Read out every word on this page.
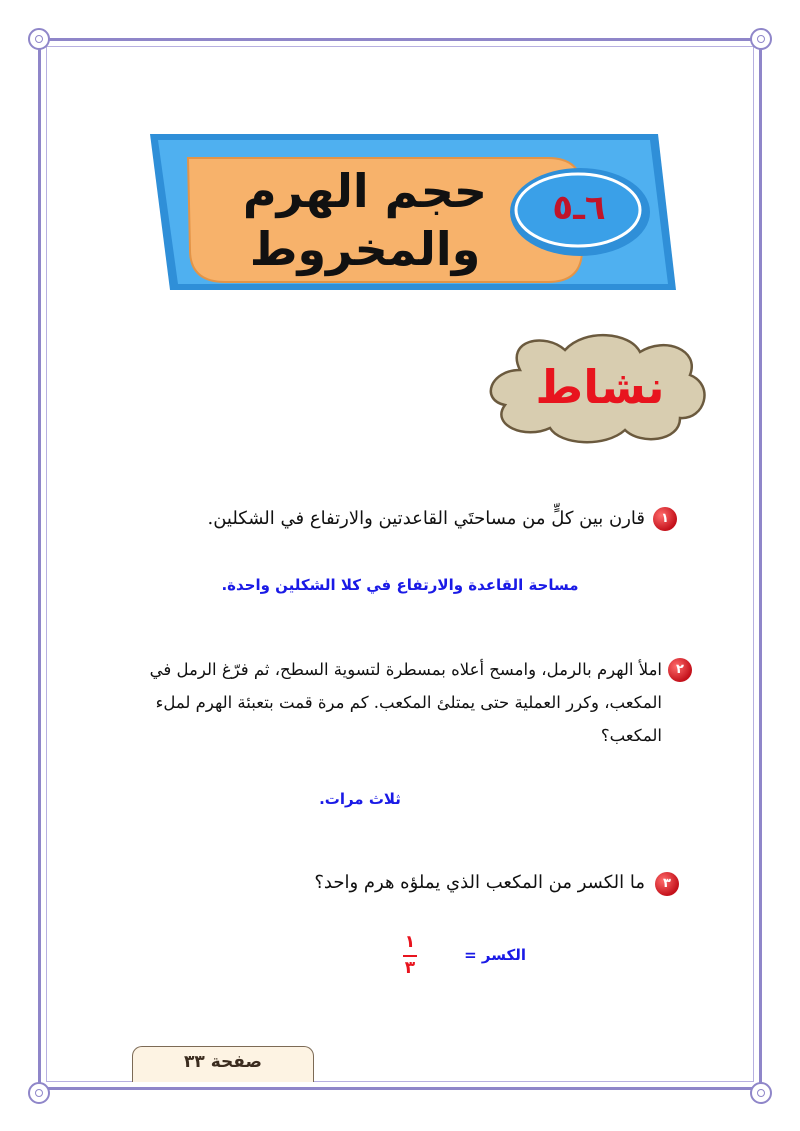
٦ـ٥
حجم الهرم
والمخروط
نشاط
١
قارن بين كلٍّ من مساحتَي القاعدتين والارتفاع في الشكلين.
مساحة القاعدة والارتفاع في كلا الشكلين واحدة.
٢
املأ الهرم بالرمل، وامسح أعلاه بمسطرة لتسوية السطح، ثم فرّغ الرمل في
المكعب، وكرر العملية حتى يمتلئ المكعب. كم مرة قمت بتعبئة الهرم لملء
المكعب؟
ثلاث مرات.
٣
ما الكسر من المكعب الذي يملؤه هرم واحد؟
الكسر =
١
٣
صفحة ٣٣
